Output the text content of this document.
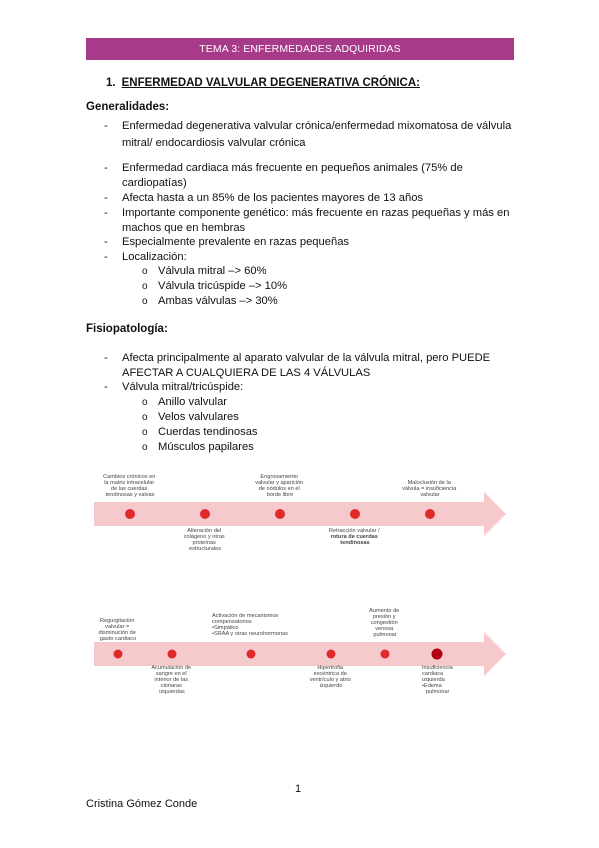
TEMA 3: ENFERMEDADES ADQUIRIDAS
1. ENFERMEDAD VALVULAR DEGENERATIVA CRÓNICA:
Generalidades:
- Enfermedad degenerativa valvular crónica/enfermedad mixomatosa de válvula mitral/ endocardiosis valvular crónica
- Enfermedad cardiaca más frecuente en pequeños animales (75% de cardiopatías)
- Afecta hasta a un 85% de los pacientes mayores de 13 años
- Importante componente genético: más frecuente en razas pequeñas y más en machos que en hembras
- Especialmente prevalente en razas pequeñas
- Localización:
o Válvula mitral –> 60%
o Válvula tricúspide –> 10%
o Ambas válvulas –> 30%
Fisiopatología:
- Afecta principalmente al aparato valvular de la válvula mitral, pero PUEDE AFECTAR A CUALQUIERA DE LAS 4 VÁLVULAS
- Válvula mitral/tricúspide:
o Anillo valvular
o Velos valvulares
o Cuerdas tendinosas
o Músculos papilares
Cambios crónicos en la matriz intracelular de las cuerdas tendinosas y valvas
Engrosamiento valvular y aparición de nódulos en el borde libre
Maloclusión de la válvula = insuficiencia valvular
Alteración del colágeno y otras proteínas estructurales
Retracción valvular / rotura de cuerdas tendinosas
Regurgitación valvular = disminución de gasto cardiaco
Activación de mecanismos compensatorios •Simpático •SRAA y otras neurohormonas
Aumento de presión y congestión venosa pulmonar
Acumulación de sangre en el interior de las cámaras izquierdas
Hipertrofia excéntrica de ventrículo y atrio izquierdo
Insuficiencia cardiaca izquierda •Edema pulmonar
1
Cristina Gómez Conde
